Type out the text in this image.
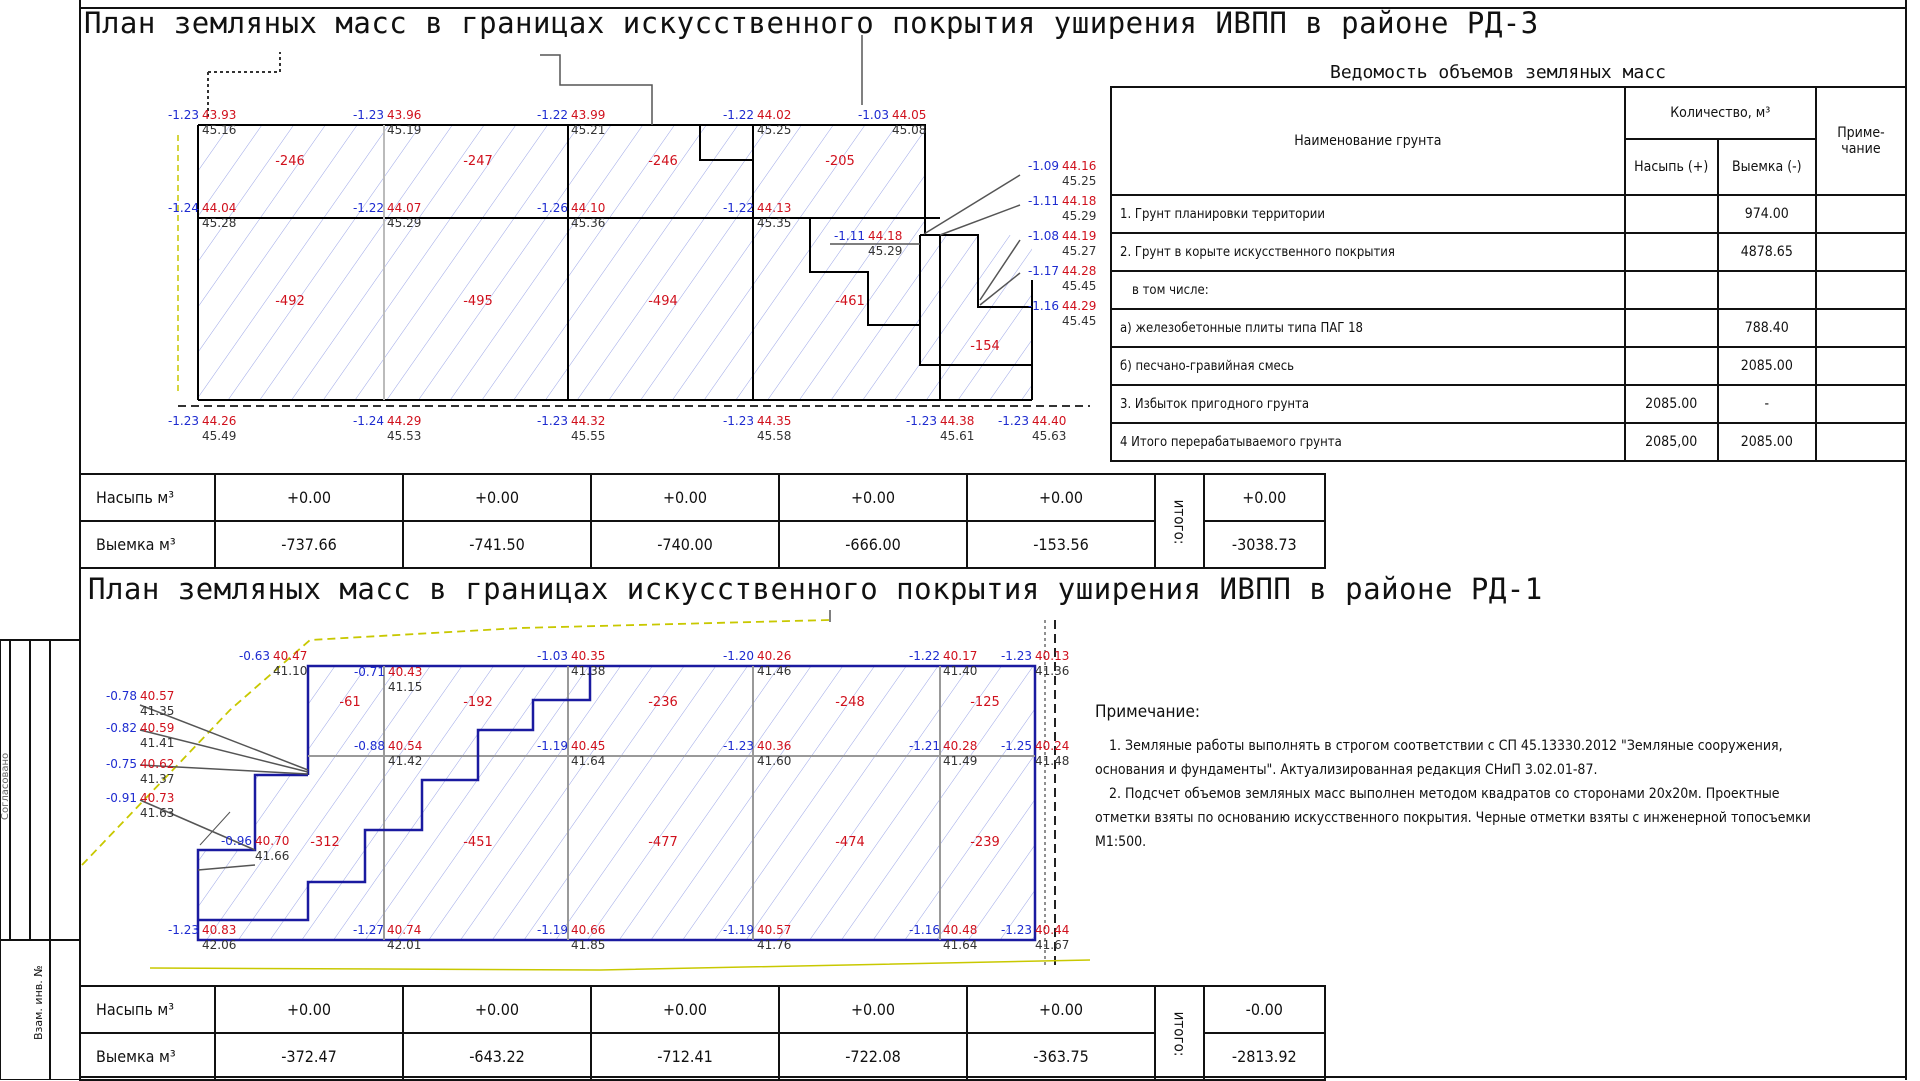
Согласовано
Взам. инв. №
План земляных масс в границах искусственного покрытия уширения ИВПП в районе РД-3
План земляных масс в границах искусственного покрытия уширения ИВПП в районе РД-1
-1.23 43.93
45.16
-1.23 43.96
45.19
-1.22 43.99
45.21
-1.22 44.02
45.25
-1.03 44.05
45.08
-1.24 44.04
45.28
-1.22 44.07
45.29
-1.26 44.10
45.36
-1.22 44.13
45.35
-1.11 44.18
45.29
-1.09 44.16
45.25
-1.11 44.18
45.29
-1.08 44.19
45.27
-1.17 44.28
45.45
-1.16 44.29
45.45
-1.23 44.26
45.49
-1.24 44.29
45.53
-1.23 44.32
45.55
-1.23 44.35
45.58
-1.23 44.38
45.61
-1.23 44.40
45.63
-246	-247	-246	-205
-492	-495	-494	-461
-154
Насыпь м³	+0.00	+0.00	+0.00	+0.00	+0.00	итого:	+0.00
Выемка м³	-737.66	-741.50	-740.00	-666.00	-153.56		-3038.73
Ведомость объемов земляных масс
Наименование грунта	Количество, м³		Приме-чание
	Насыпь (+)	Выемка (-)	
1. Грунт планировки территории		974.00	
2. Грунт в корыте искусственного покрытия		4878.65	
в том числе:			
а) железобетонные плиты типа ПАГ 18		788.40	
б) песчано-гравийная смесь		2085.00	
3. Избыток пригодного грунта	2085.00	-	
4 Итого перерабатываемого грунта	2085,00	2085.00	
-0.63 40.47
41.10	-0.71 40.43
41.15
-1.03 40.35
41.38
-1.20 40.26
41.46
-1.22 40.17
41.40
-1.23 40.13
41.36
-0.78 40.57
41.35
-0.82 40.59
41.41
-0.75 40.62
41.37
-0.91 40.73
41.63
-0.88 40.54
41.42
-1.19 40.45
41.64
-1.23 40.36
41.60
-1.21 40.28
41.49
-1.25 40.24
41.48
-0.96 40.70
41.66
-1.23 40.83
42.06
-1.27 40.74
42.01
-1.19 40.66
41.85
-1.19 40.57
41.76
-1.16 40.48
41.64
-1.23 40.44
41.67
-61	-192	-236	-248	-125
-312	-451	-477	-474	-239
Примечание:
1. Земляные работы выполнять в строгом соответствии с СП 45.13330.2012 "Земляные сооружения, основания и фундаменты". Актуализированная редакция СНиП 3.02.01-87.
2. Подсчет объемов земляных масс выполнен методом квадратов со сторонами 20х20м. Проектные отметки взяты по основанию искусственного покрытия. Черные отметки взяты с инженерной топосъемки М1:500.
Насыпь м³	+0.00	+0.00	+0.00	+0.00	+0.00	итого:	-0.00
Выемка м³	-372.47	-643.22	-712.41	-722.08	-363.75		-2813.92
